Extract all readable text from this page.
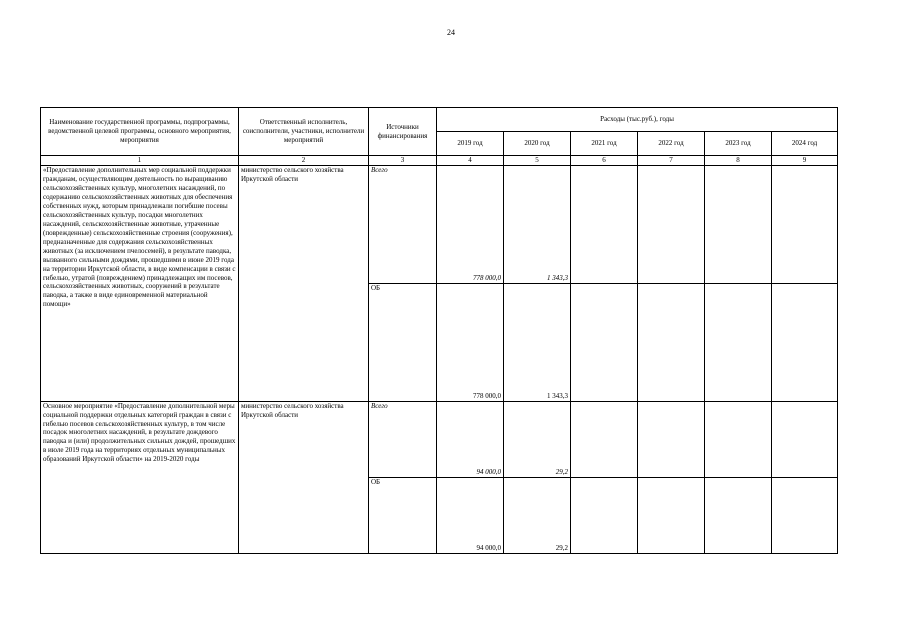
24
Наименование государственной программы, подпрограммы, ведомственной целевой программы, основного мероприятия, мероприятия	Ответственный исполнитель, соисполнители, участники, исполнители мероприятий	Источники финансирования	Расходы (тыс.руб.), годы					
			2019 год	2020 год	2021 год	2022 год	2023 год	2024 год
1	2	3	4	5	6	7	8	9
«Предоставление дополнительных мер социальной поддержки гражданам, осуществляющим деятельность по выращиванию сельскохозяйственных культур, многолетних насаждений, по содержанию сельскохозяйственных животных для обеспечения собственных нужд, которым принадлежали погибшие посевы сельскохозяйственных культур, посадки многолетних насаждений, сельскохозяйственные животные, утраченные (поврежденные) сельскохозяйственные строения (сооружения), предназначенные для содержания сельскохозяйственных животных (за исключением пчелосемей), в результате паводка, вызванного сильными дождями, прошедшими в июне 2019 года на территории Иркутской области, в виде компенсации в связи с гибелью, утратой (повреждением) принадлежащих им посевов, сельскохозяйственных животных, сооружений в результате паводка, а также в виде единовременной материальной помощи»	министерство сельского хозяйства Иркутской области	Всего	778 000,0	1 343,3				
		ОБ	778 000,0	1 343,3				
Основное мероприятие «Предоставление дополнительной меры социальной поддержки отдельных категорий граждан в связи с гибелью посевов сельскохозяйственных культур, в том числе посадок многолетних насаждений, в результате дождевого паводка и (или) продолжительных сильных дождей, прошедших в июле 2019 года на территориях отдельных муниципальных образований Иркутской области» на 2019-2020 годы	министерство сельского хозяйства Иркутской области	Всего	94 000,0	29,2				
		ОБ	94 000,0	29,2				
